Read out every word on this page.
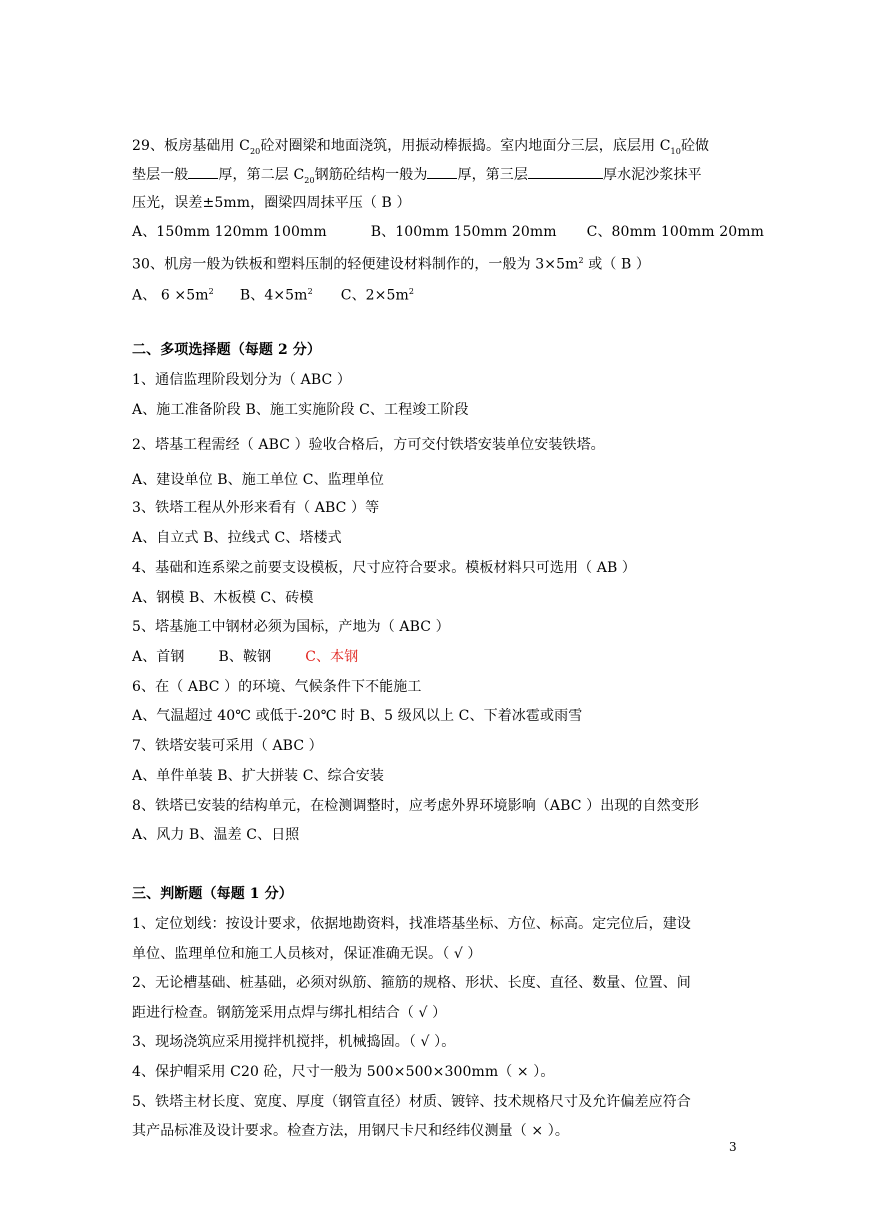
29、板房基础用 $C_{20}$砼对圈梁和地面浇筑，用振动棒振捣。室内地面分三层，底层用 $C_{10}$砼做
垫层一般 厚，第二层 $C_{20}$钢筋砼结构一般为 厚，第三层	厚水泥沙浆抹平
压光，误差±5mm，圈梁四周抹平压（ B ）
A、150mm 120mm 100mm	B、100mm 150mm 20mm C、80mm 100mm 20mm
30、机房一般为铁板和塑料压制的轻便建设材料制作的，一般为 $3\times 5m^2$ 或（ B ）
A、 $6 \times 5m^2$ B、$4\times 5m^2$ C、$2\times 5m^2$
二、多项选择题（每题 2 分）
1、通信监理阶段划分为（ ABC ）
A、施工准备阶段 B、施工实施阶段 C、工程竣工阶段
2、塔基工程需经（ ABC ）验收合格后，方可交付铁塔安装单位安装铁塔。
A、建设单位 B、施工单位 C、监理单位
3、铁塔工程从外形来看有（ ABC ）等
A、自立式 B、拉线式 C、塔楼式
4、基础和连系梁之前要支设模板，尺寸应符合要求。模板材料只可选用（ AB ）
A、钢模 B、木板模 C、砖模
5、塔基施工中钢材必须为国标，产地为（ ABC ）
A、首钢 B、鞍钢 C、本钢
6、在（ ABC ）的环境、气候条件下不能施工
A、气温超过 40℃ 或低于-20℃ 时 B、5 级风以上 C、下着冰雹或雨雪
7、铁塔安装可采用（ ABC ）
A、单件单装 B、扩大拼装 C、综合安装
8、铁塔已安装的结构单元，在检测调整时，应考虑外界环境影响（ABC ）出现的自然变形
A、风力 B、温差 C、日照
三、判断题（每题 1 分）
1、定位划线：按设计要求，依据地勘资料，找准塔基坐标、方位、标高。定完位后，建设
单位、监理单位和施工人员核对，保证准确无误。（ √ ）
2、无论槽基础、桩基础，必须对纵筋、箍筋的规格、形状、长度、直径、数量、位置、间
距进行检查。钢筋笼采用点焊与绑扎相结合（ √ ）
3、现场浇筑应采用搅拌机搅拌，机械捣固。（ √ ）。
4、保护帽采用 C20 砼，尺寸一般为 500×500×300mm（ × ）。
5、铁塔主材长度、宽度、厚度（钢管直径）材质、镀锌、技术规格尺寸及允许偏差应符合
其产品标准及设计要求。检查方法，用钢尺卡尺和经纬仪测量（ × ）。
3
